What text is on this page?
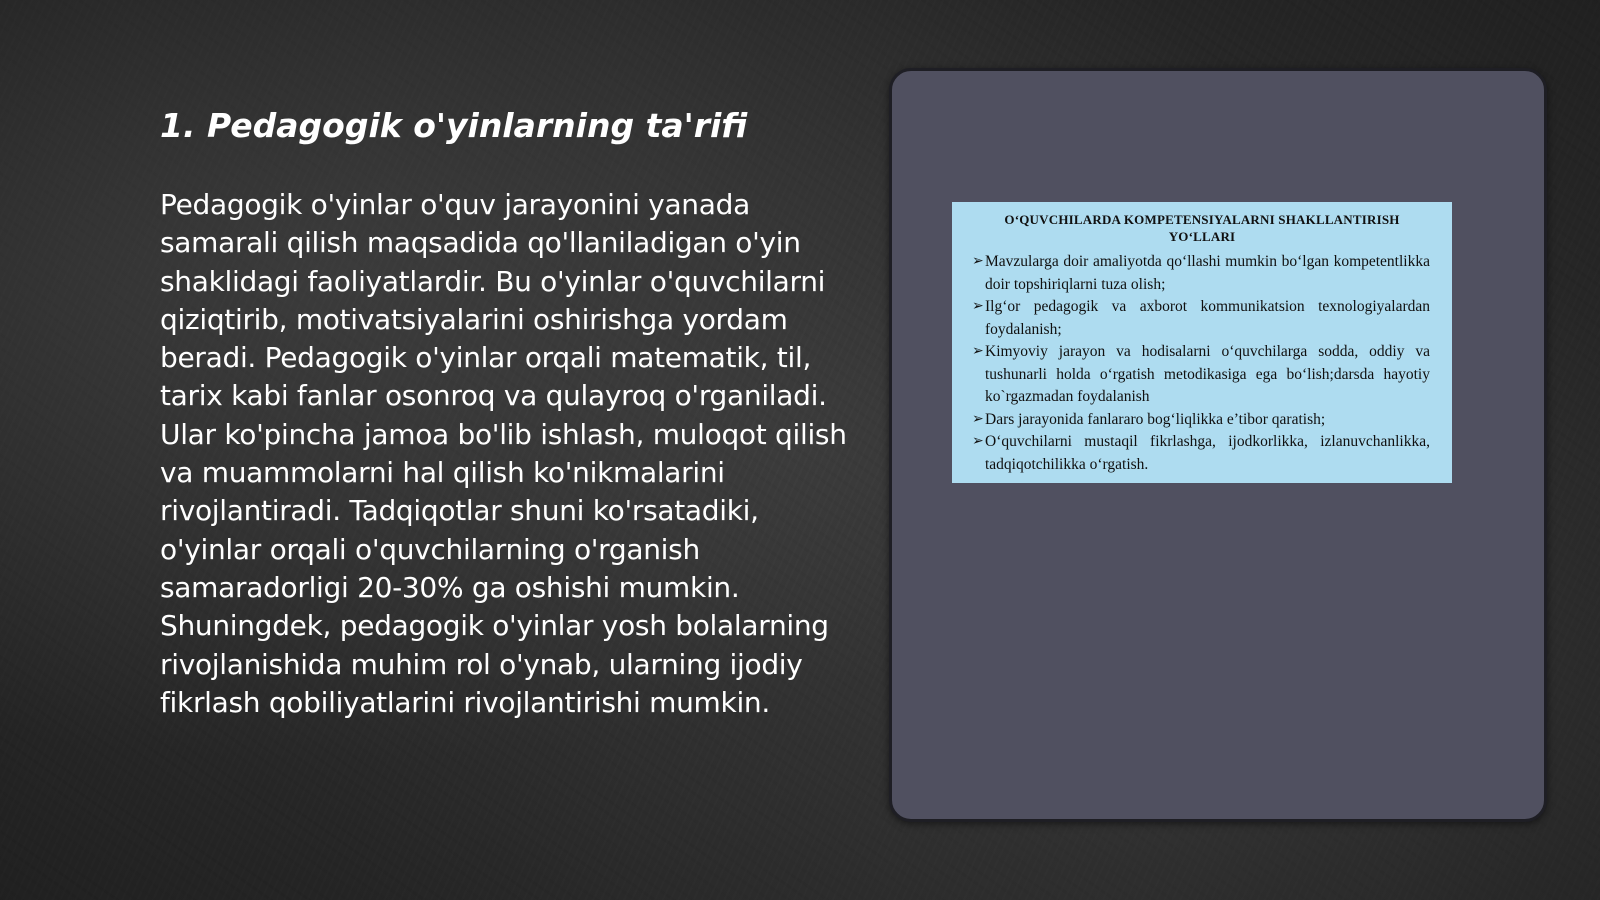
1. Pedagogik o'yinlarning ta'rifi

Pedagogik o'yinlar o'quv jarayonini yanada samarali qilish maqsadida qo'llaniladigan o'yin shaklidagi faoliyatlardir. Bu o'yinlar o'quvchilarni qiziqtirib, motivatsiyalarini oshirishga yordam beradi. Pedagogik o'yinlar orqali matematik, til, tarix kabi fanlar osonroq va qulayroq o'rganiladi. Ular ko'pincha jamoa bo'lib ishlash, muloqot qilish va muammolarni hal qilish ko'nikmalarini rivojlantiradi. Tadqiqotlar shuni ko'rsatadiki, o'yinlar orqali o'quvchilarning o'rganish samaradorligi 20-30% ga oshishi mumkin. Shuningdek, pedagogik o'yinlar yosh bolalarning rivojlanishida muhim rol o'ynab, ularning ijodiy fikrlash qobiliyatlarini rivojlantirishi mumkin.

O‘QUVCHILARDA KOMPETENSIYALARNI SHAKLLANTIRISH YO‘LLARI

➢ Mavzularga doir amaliyotda qo‘llashi mumkin bo‘lgan kompetentlikka doir topshiriqlarni tuza olish;
➢ Ilg‘or pedagogik va axborot kommunikatsion texnologiyalardan foydalanish;
➢ Kimyoviy jarayon va hodisalarni o‘quvchilarga sodda, oddiy va tushunarli holda o‘rgatish metodikasiga ega bo‘lish;darsda hayotiy ko`rgazmadan foydalanish
➢ Dars jarayonida fanlararo bog‘liqlikka e’tibor qaratish;
➢ O‘quvchilarni mustaqil fikrlashga, ijodkorlikka, izlanuvchanlikka, tadqiqotchilikka o‘rgatish.
